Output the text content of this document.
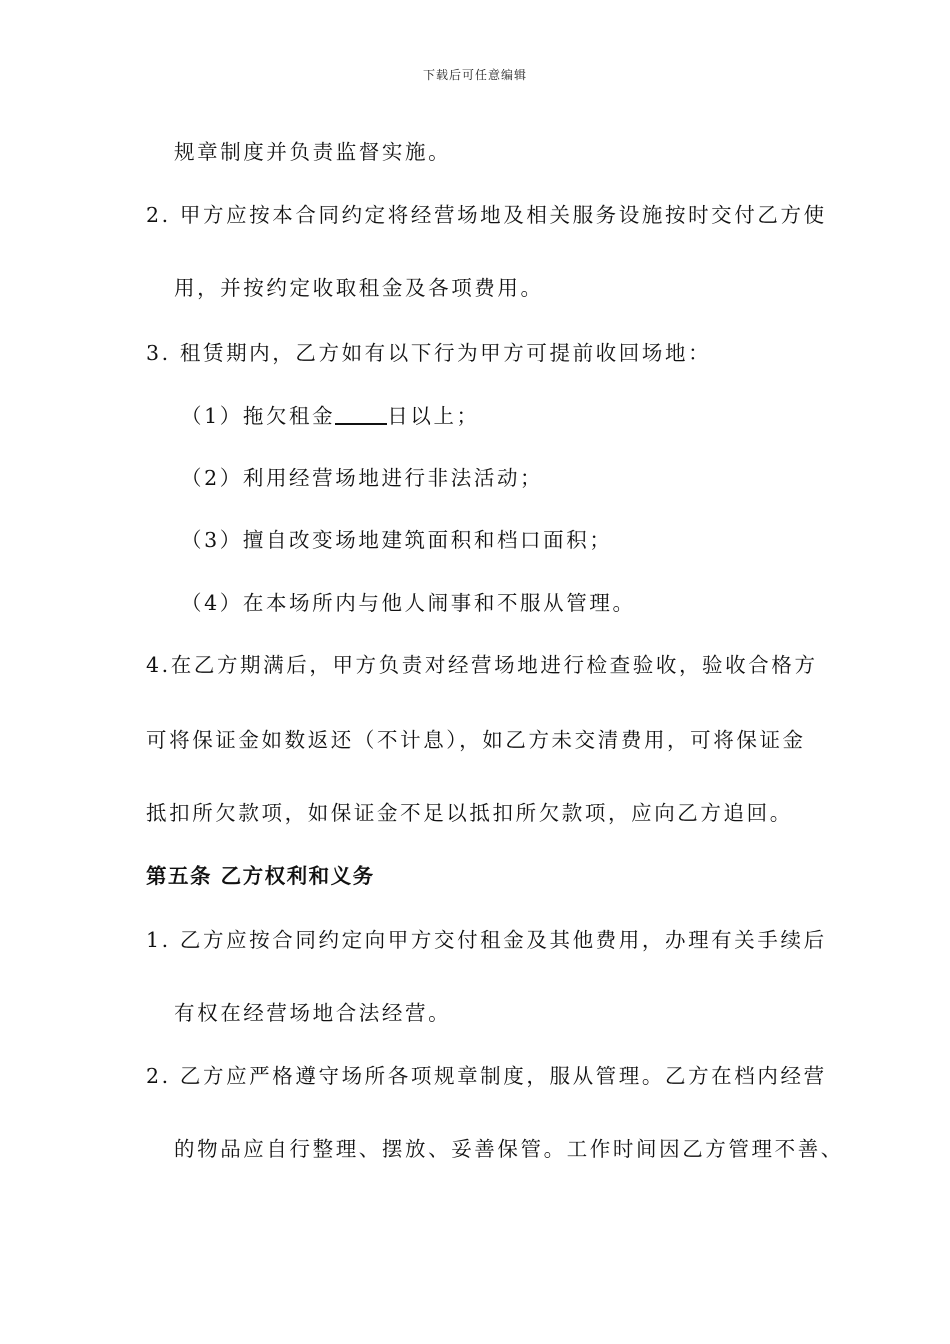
下载后可任意编辑
规章制度并负责监督实施。
2. 甲方应按本合同约定将经营场地及相关服务设施按时交付乙方使
用，并按约定收取租金及各项费用。
3. 租赁期内，乙方如有以下行为甲方可提前收回场地：
（1）拖欠租金	日以上；
（2）利用经营场地进行非法活动；
（3）擅自改变场地建筑面积和档口面积；
（4）在本场所内与他人闹事和不服从管理。
4.在乙方期满后，甲方负责对经营场地进行检查验收，验收合格方
可将保证金如数返还（不计息），如乙方未交清费用，可将保证金
抵扣所欠款项，如保证金不足以抵扣所欠款项，应向乙方追回。
第五条 乙方权利和义务
1. 乙方应按合同约定向甲方交付租金及其他费用，办理有关手续后
有权在经营场地合法经营。
2. 乙方应严格遵守场所各项规章制度，服从管理。乙方在档内经营
的物品应自行整理、摆放、妥善保管。工作时间因乙方管理不善、
